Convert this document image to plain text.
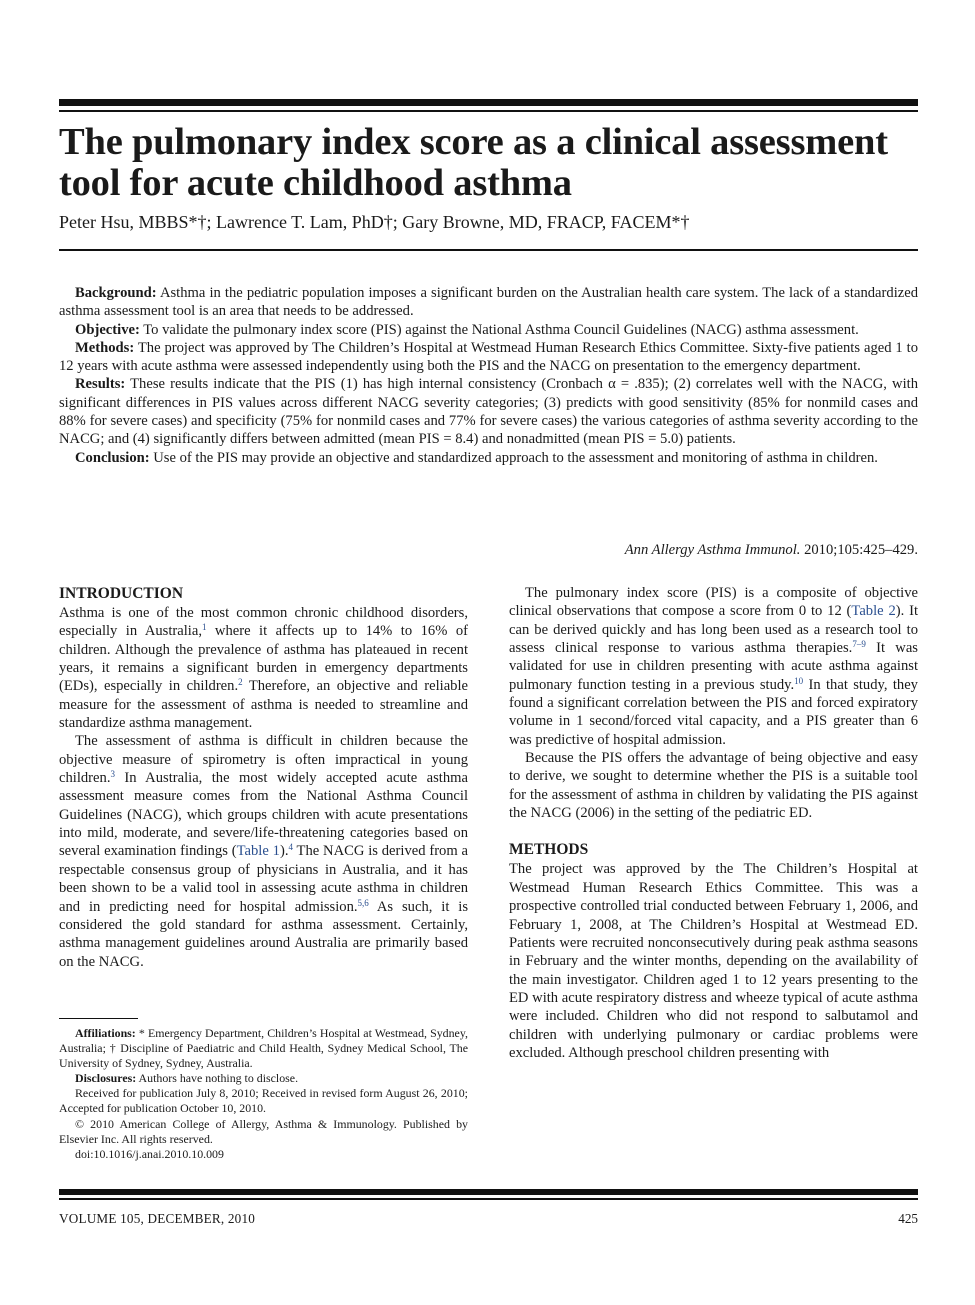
The pulmonary index score as a clinical assessment tool for acute childhood asthma
Peter Hsu, MBBS*†; Lawrence T. Lam, PhD†; Gary Browne, MD, FRACP, FACEM*†

Background: Asthma in the pediatric population imposes a significant burden on the Australian health care system. The lack of a standardized asthma assessment tool is an area that needs to be addressed.

Objective: To validate the pulmonary index score (PIS) against the National Asthma Council Guidelines (NACG) asthma assessment.

Methods: The project was approved by The Children’s Hospital at Westmead Human Research Ethics Committee. Sixty-five patients aged 1 to 12 years with acute asthma were assessed independently using both the PIS and the NACG on presentation to the emergency department.

Results: These results indicate that the PIS (1) has high internal consistency (Cronbach α = .835); (2) correlates well with the NACG, with significant differences in PIS values across different NACG severity categories; (3) predicts with good sensitivity (85% for nonmild cases and 88% for severe cases) and specificity (75% for nonmild cases and 77% for severe cases) the various categories of asthma severity according to the NACG; and (4) significantly differs between admitted (mean PIS = 8.4) and nonadmitted (mean PIS = 5.0) patients.

Conclusion: Use of the PIS may provide an objective and standardized approach to the assessment and monitoring of asthma in children.

Ann Allergy Asthma Immunol. 2010;105:425–429.
INTRODUCTION

Asthma is one of the most common chronic childhood disorders, especially in Australia,$^1$ where it affects up to 14% to 16% of children. Although the prevalence of asthma has plateaued in recent years, it remains a significant burden in emergency departments (EDs), especially in children.$^2$ Therefore, an objective and reliable measure for the assessment of asthma is needed to streamline and standardize asthma management.

The assessment of asthma is difficult in children because the objective measure of spirometry is often impractical in young children.$^3$ In Australia, the most widely accepted acute asthma assessment measure comes from the National Asthma Council Guidelines (NACG), which groups children with acute presentations into mild, moderate, and severe/life-threatening categories based on several examination findings (Table 1).$^4$ The NACG is derived from a respectable consensus group of physicians in Australia, and it has been shown to be a valid tool in assessing acute asthma in children and in predicting need for hospital admission.$^{5,6}$ As such, it is considered the gold standard for asthma assessment. Certainly, asthma management guidelines around Australia are primarily based on the NACG.

Affiliations: * Emergency Department, Children’s Hospital at Westmead, Sydney, Australia; † Discipline of Paediatric and Child Health, Sydney Medical School, The University of Sydney, Sydney, Australia.

Disclosures: Authors have nothing to disclose.

Received for publication July 8, 2010; Received in revised form August 26, 2010; Accepted for publication October 10, 2010.

© 2010 American College of Allergy, Asthma & Immunology. Published by Elsevier Inc. All rights reserved.

doi:10.1016/j.anai.2010.10.009

The pulmonary index score (PIS) is a composite of objective clinical observations that compose a score from 0 to 12 (Table 2). It can be derived quickly and has long been used as a research tool to assess clinical response to various asthma therapies.$^{7-9}$ It was validated for use in children presenting with acute asthma against pulmonary function testing in a previous study.$^{10}$ In that study, they found a significant correlation between the PIS and forced expiratory volume in 1 second/forced vital capacity, and a PIS greater than 6 was predictive of hospital admission.

Because the PIS offers the advantage of being objective and easy to derive, we sought to determine whether the PIS is a suitable tool for the assessment of asthma in children by validating the PIS against the NACG (2006) in the setting of the pediatric ED.

METHODS

The project was approved by the The Children’s Hospital at Westmead Human Research Ethics Committee. This was a prospective controlled trial conducted between February 1, 2006, and February 1, 2008, at The Children’s Hospital at Westmead ED. Patients were recruited nonconsecutively during peak asthma seasons in February and the winter months, depending on the availability of the main investigator. Children aged 1 to 12 years presenting to the ED with acute respiratory distress and wheeze typical of acute asthma were included. Children who did not respond to salbutamol and children with underlying pulmonary or cardiac problems were excluded. Although preschool children presenting with

VOLUME 105, DECEMBER, 2010	425
